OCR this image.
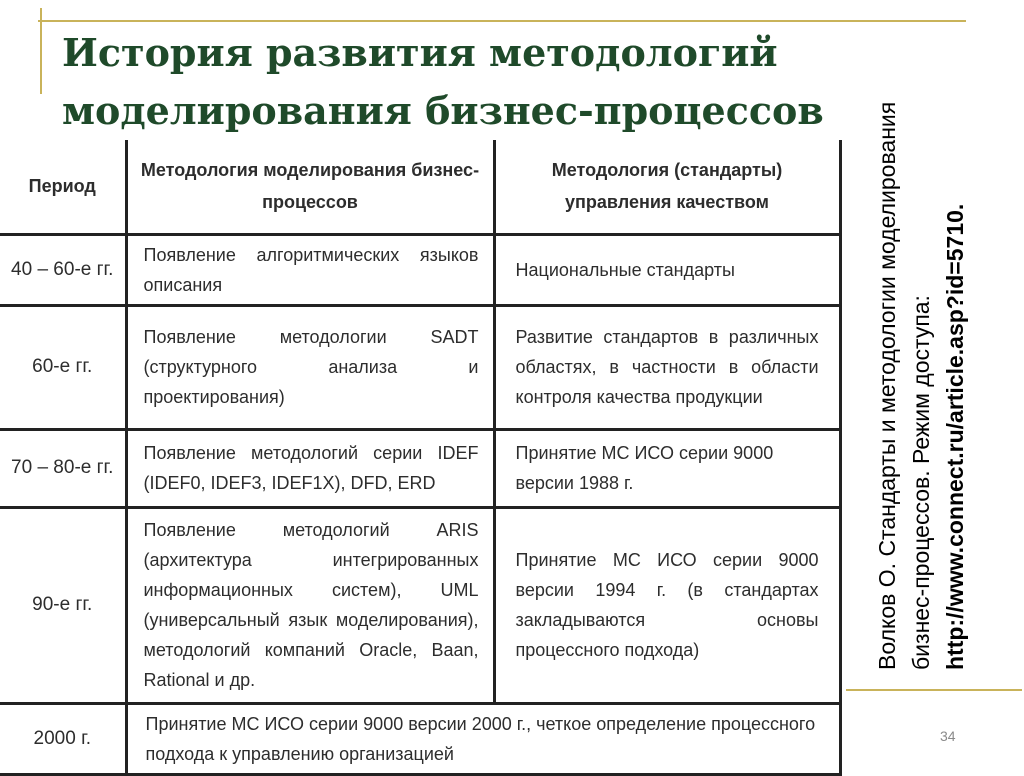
История развития методологий
моделирования бизнес-процессов
Период	Методология моделирования бизнес-процессов	Методология (стандарты) управления качеством
40 – 60-е гг.	Появление алгоритмических языков описания	Национальные стандарты
60-е гг.	Появление методологии SADT (структурного анализа и проектирования)	Развитие стандартов в различных областях, в частности в области контроля качества продукции
70 – 80-е гг.	Появление методологий серии IDEF (IDEF0, IDEF3, IDEF1X), DFD, ERD	Принятие МС ИСО серии 9000 версии 1988 г.
90-е гг.	Появление методологий ARIS (архитектура интегрированных информационных систем), UML (универсальный язык моделирования), методологий компаний Oracle, Baan, Rational и др.	Принятие МС ИСО серии 9000 версии 1994 г. (в стандартах закладываются основы процессного подхода)
2000 г.	Принятие МС ИСО серии 9000 версии 2000 г., четкое определение процессного подхода к управлению организацией	
Волков О. Стандарты и методологии моделирования бизнес-процессов. Режим доступа: http://www.connect.ru/article.asp?id=5710.
34
